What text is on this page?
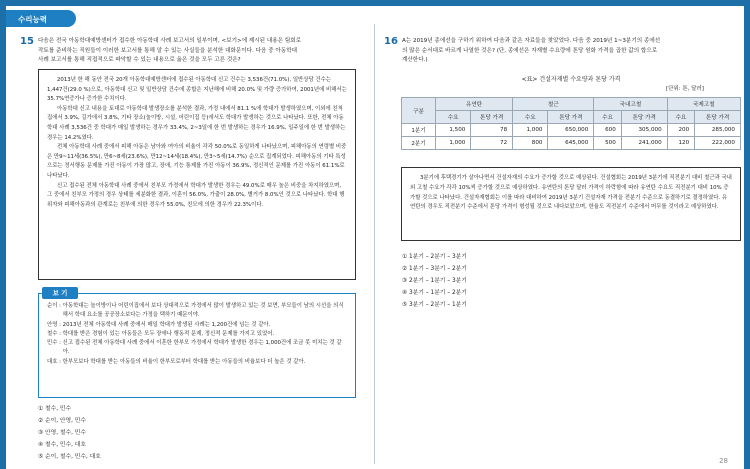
수리능력
15 다음은 전국 아동학대예방센터가 접수한 아동학대 사례 보고서의 일부이며, <보기>에 제시된 내용은 팀회로
작토를 준비하는 직원들이 이러한 보고서를 통해 알 수 있는 사실들을 분석한 대화문이다. 다음 중 아동학대
사례 보고서를 통해 직접적으로 파악할 수 있는 내용으로 옳은 것을 모두 고른 것은?

2013년 한 해 동안 전국 20개 아동학대예방센터에 접수된 아동학대 신고 건수는 3,536건(71.0%), 일반상담 건수는 1,447건(29.0 %)으로, 아동학대 신고 및 일반상담 건수에 종합은 지난해에 비해 20.0% 및 가량 증가하여, 2001년에 비해서는 35.7%연증가나 증가한 수치이다.

아동학대 신고 내용을 토대로 아동학대 발생장소를 분석한 결과, 가정 내에서 81.1 %에 학대가 발생하였으며, 이외에 친척 집에서 3.9%, 길가에서 3.8%, 기타 장소(놀이방, 시설, 어린이집 등)에서도 학대가 발생하는 것으로 나타났다. 또한, 전체 아동학대 사례 3,536건 중 학대가 매일 발생하는 경우가 33.4%, 2~3일에 한 번 발생하는 경우가 16.9%, 일주일에 한 번 발생하는 경우는 14.2%였다.

전체 아동학대 사례 중에서 피해 아동은 남아와 여아의 비율이 각각 50.0%로 동일하게 나타났으며, 피해아동의 연령별 비중은 만9~11세(36.5%), 만6~8세(23.6%), 만12~14세(18.4%), 만3~5세(14.7%) 순으로 집계되었다. 피해아동의 기타 특성으로는 정서행동 문제를 가진 아동이 가장 많고, 장애, 기능 통제를 가진 아동이 36.9%, 정신적인 문제를 가진 아동이 61.1%로 나타났다.

신고 접수된 전체 아동학대 사례 중에서 친부모 가정에서 학대가 발생한 경우는 49.0%로 매우 높은 비중을 차지하였으며, 그 중에서 친부모 가정의 경우 상태를 세분화한 결과, 이혼이 56.0%, 가출이 28.0%, 별거가 8.0%인 것으로 나타났다. 학대 행위자와 피해아동과의 관계로는 친부에 의한 경우가 55.0%, 친모에 의한 경우가 22.3%이다.

순이 : 아동학대는 놀이방이나 어린이집에서 보다 상대적으로 가정에서 많이 발생하고 있는 것 보면, 부모들이 남의 시선을 의식해서 학대 요소를 공공장소보다는 가정을 택하기 때문이야.
안영 : 2013년 전체 아동학대 사례 중에서 매일 학대가 발생된 사례는 1,200건에 넘는 것 같아.
철수 : 학대를 받은 경험이 있는 아동들은 모두 장애나 행동적 문제, 정신적 문제를 가지고 있었어.
민수 : 신고 접수된 전체 아동학대 사례 중에서 이혼한 한부모 가정에서 학대가 발생한 경우는 1,000건에 조금 못 미치는 것 같아.
대호 : 한부모보다 학대를 받는 아동들의 비율이 한부모로부터 학대를 받는 아동들의 비율보다 더 높은 것 같아.
보 기
① 철수, 민수
② 순이, 안영, 민수
③ 안영, 철수, 민수
④ 철수, 민수, 대호
⑤ 순이, 철수, 민수, 대호
16 A는 2019년 종에선을 구하기 위하여 다음과 같은 자료들을 찾았었다. 다음 중 2019년 1~3분기의 종에선
의 많은 순서대로 바르게 나열한 것은? (단, 종에선은 자재별 수요량에 톤당 원화 가격을 곱한 값의 합으로
계산한다.)
<표> 건설자재별 수요량과 톤당 가격
[단위: 톤, 달러]
구분	유연탄		철근		국내고철		국제고철	
	수요	톤당 가격	수요	톤당 가격	수요	톤당 가격	수요	톤당 가격
1분기	1,500	78	1,000	650,000	600	305,000	200	285,000
2분기	1,000	72	800	645,000	500	241,000	120	222,000

3분기에 후택경기가 살아나면서 건설자재의 수요가 증가할 것으로 예상된다. 건설협회는 2019년 3분기에 직전분기 대비 철근과 국내외 고철 수요가 각각 10%씩 증가할 것으로 예상하였다. 유연탄의 톤당 달러 가격이 하락함에 따라 유연탄 수요도 직전분기 대비 10% 증가할 것으로 나타났다. 건설자재협회는 이를 따라 대비하여 2019년 3분기 건설자재 가격을 전분기 수준으로 동결하기로 결정하였다. 유연탄의 경우도 직전분기 수준에서 톤당 가격이 형성될 것으로 내다보았으며, 한율도 직전분기 수준에서 머무를 것이라고 예상하였다.

① 1분기 – 2분기 – 3분기
② 1분기 – 3분기 – 2분기
③ 2분기 – 1분기 – 3분기
④ 3분기 – 1분기 – 2분기
⑤ 3분기 – 2분기 – 1분기
28
